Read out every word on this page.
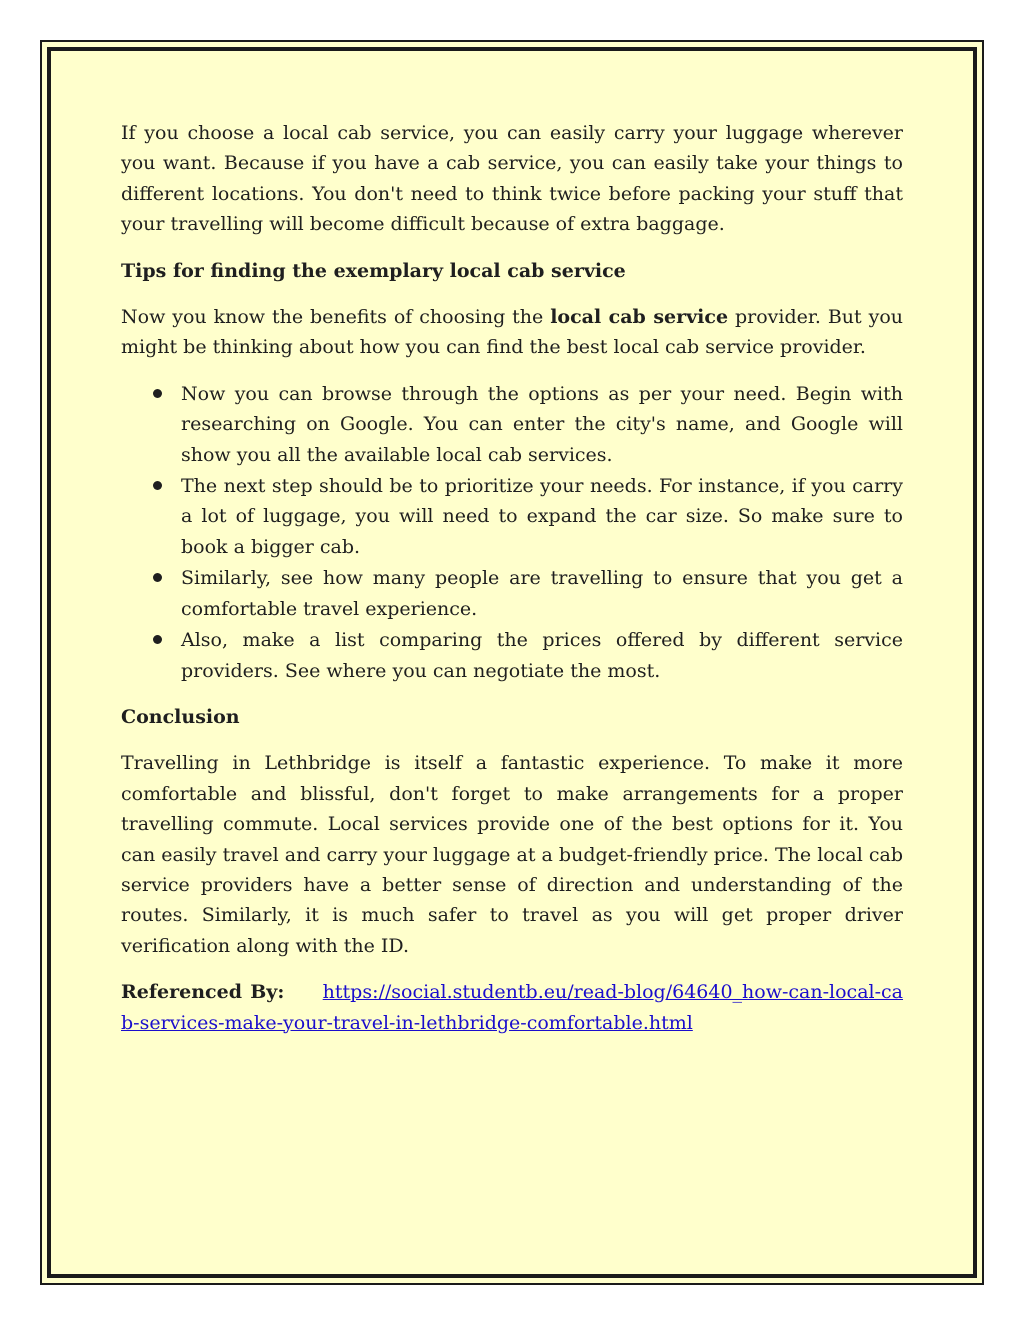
If you choose a local cab service, you can easily carry your luggage wherever you want. Because if you have a cab service, you can easily take your things to different locations. You don't need to think twice before packing your stuff that your travelling will become difficult because of extra baggage.

Tips for finding the exemplary local cab service

Now you know the benefits of choosing the local cab service provider. But you might be thinking about how you can find the best local cab service provider.

Now you can browse through the options as per your need. Begin with researching on Google. You can enter the city's name, and Google will show you all the available local cab services.
The next step should be to prioritize your needs. For instance, if you carry a lot of luggage, you will need to expand the car size. So make sure to book a bigger cab.
Similarly, see how many people are travelling to ensure that you get a comfortable travel experience.
Also, make a list comparing the prices offered by different service providers. See where you can negotiate the most.
Conclusion

Travelling in Lethbridge is itself a fantastic experience. To make it more comfortable and blissful, don't forget to make arrangements for a proper travelling commute. Local services provide one of the best options for it. You can easily travel and carry your luggage at a budget-friendly price. The local cab service providers have a better sense of direction and understanding of the routes. Similarly, it is much safer to travel as you will get proper driver verification along with the ID.

Referenced By: https://social.studentb.eu/read-blog/64640_how-can-local-cab-services-make-your-travel-in-lethbridge-comfortable.html
